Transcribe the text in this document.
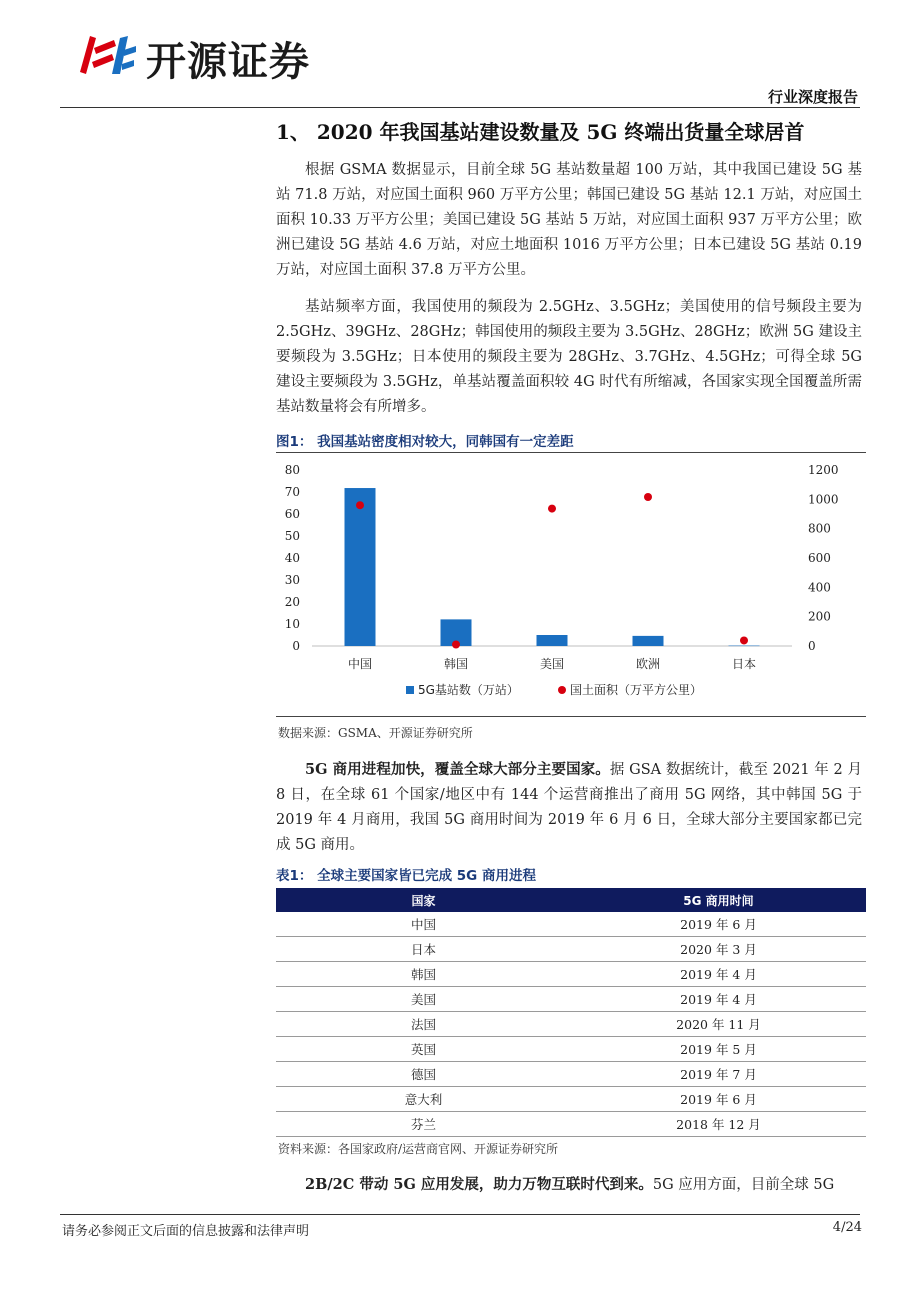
开源证券
行业深度报告
1、 2020 年我国基站建设数量及 5G 终端出货量全球居首

根据 GSMA 数据显示，目前全球 5G 基站数量超 100 万站，其中我国已建设 5G 基站 71.8 万站，对应国土面积 960 万平方公里；韩国已建设 5G 基站 12.1 万站，对应国土面积 10.33 万平方公里；美国已建设 5G 基站 5 万站，对应国土面积 937 万平方公里；欧洲已建设 5G 基站 4.6 万站，对应土地面积 1016 万平方公里；日本已建设 5G 基站 0.19 万站，对应国土面积 37.8 万平方公里。

基站频率方面，我国使用的频段为 2.5GHz、3.5GHz；美国使用的信号频段主要为 2.5GHz、39GHz、28GHz；韩国使用的频段主要为 3.5GHz、28GHz；欧洲 5G 建设主要频段为 3.5GHz；日本使用的频段主要为 28GHz、3.7GHz、4.5GHz；可得全球 5G 建设主要频段为 3.5GHz，单基站覆盖面积较 4G 时代有所缩减，各国家实现全国覆盖所需基站数量将会有所增多。

图1： 我国基站密度相对较大，同韩国有一定差距
0
10
20
30
40
50
60
70
80
0
200
400
600
800
1000
1200
中国	韩国	美国	欧洲	日本
5G基站数（万站）	国土面积（万平方公里）
数据来源：GSMA、开源证券研究所

5G 商用进程加快，覆盖全球大部分主要国家。据 GSA 数据统计，截至 2021 年 2 月 8 日，在全球 61 个国家/地区中有 144 个运营商推出了商用 5G 网络，其中韩国 5G 于 2019 年 4 月商用，我国 5G 商用时间为 2019 年 6 月 6 日，全球大部分主要国家都已完成 5G 商用。

表1： 全球主要国家皆已完成 5G 商用进程
国家	5G 商用时间
中国	2019 年 6 月
日本	2020 年 3 月
韩国	2019 年 4 月
美国	2019 年 4 月
法国	2020 年 11 月
英国	2019 年 5 月
德国	2019 年 7 月
意大利	2019 年 6 月
芬兰	2018 年 12 月
资料来源：各国家政府/运营商官网、开源证券研究所

2B/2C 带动 5G 应用发展，助力万物互联时代到来。5G 应用方面，目前全球 5G

请务必参阅正文后面的信息披露和法律声明	4/24
